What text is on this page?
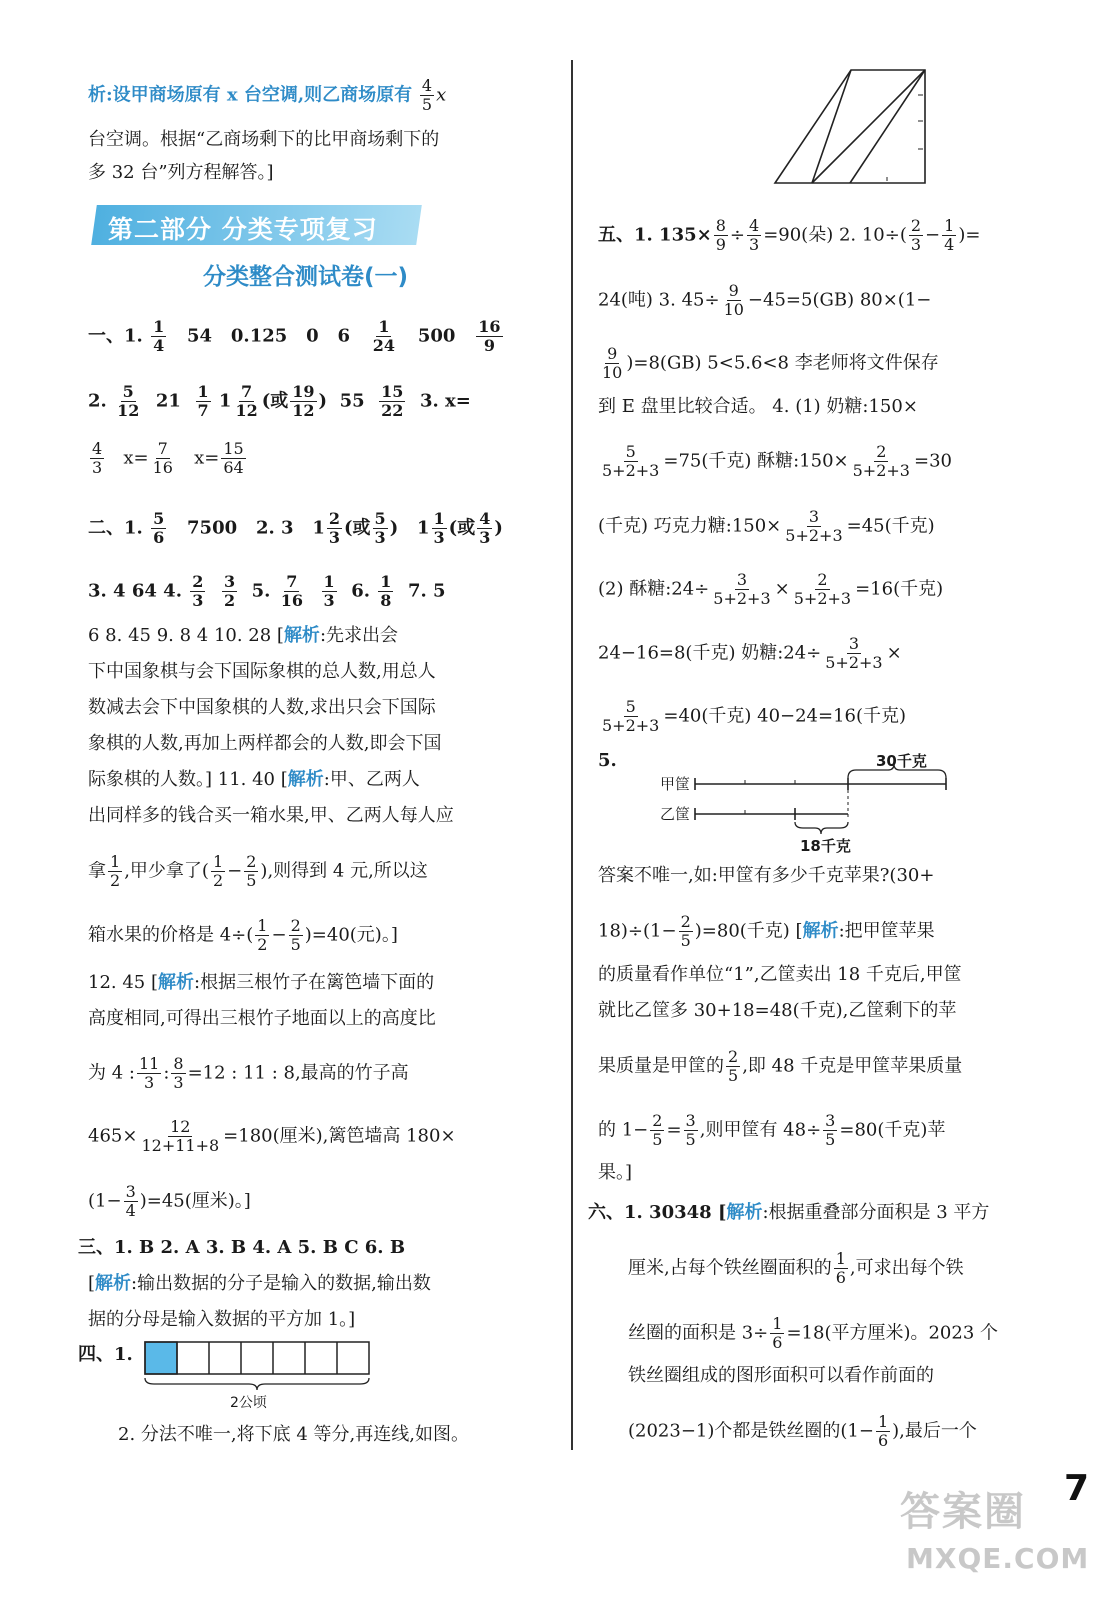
析:设甲商场原有 x 台空调,则乙商场原有 $\frac{4}{5}$ x
台空调。根据“乙商场剩下的比甲商场剩下的
多 32 台”列方程解答。]
第二部分 分类专项复习
分类整合测试卷(一)
一、1. $\frac{1}{4} 54$ 0.125 0 $6 \frac{1}{24} 500 \frac{16}{9}$
2. $\frac{5}{12} 21 \frac{1}{7} 1 \frac{7}{12}$ (或 $\frac{19}{12}$ )  $55 \frac{15}{22} 3$. x=
$\frac{4}{3} x= \frac{7}{16} x= \frac{15}{64}$
二、1. $\frac{5}{6} 7500$ 2. 3   $1 \frac{2}{3}$ (或 $\frac{5}{3}$ )   $1 \frac{1}{3}$ (或 $\frac{4}{3}$ )
3. 4 64 4. $\frac{2}{3}$
$\frac{3}{2} 5$. $\frac{7}{16}$
$\frac{1}{3} 6$. $\frac{1}{8} 7$. 5
6 8. 45 9. 8 4 10. 28 [解析:先求出会
下中国象棋与会下国际象棋的总人数,用总人
数减去会下中国象棋的人数,求出只会下国际
象棋的人数,再加上两样都会的人数,即会下国
际象棋的人数。] 11. 40 [解析:甲、乙两人
出同样多的钱合买一箱水果,甲、乙两人每人应
拿 $\frac{1}{2}$ ,甲少拿了( $\frac{1}{2} - \frac{2}{5}$ ),则得到 4 元,所以这
箱水果的价格是 $4\div( \frac{1}{2} - \frac{2}{5} )=40$(元)。]
12. 45 [解析:根据三根竹子在篱笆墙下面的
高度相同,可得出三根竹子地面以上的高度比
为 4 : $\frac{11}{3}$ : $\frac{8}{3} =12$ : 11 : 8,最高的竹子高
$465\times \frac{12}{12+11+8} =180$(厘米),篱笆墙高 180×
$(1- \frac{3}{4} )=45$(厘米)。]
三、1. B 2. A 3. B 4. A 5. B C 6. B
[解析:输出数据的分子是输入的数据,输出数
据的分母是输入数据的平方加 1。]
四、1.
2公顷
2. 分法不唯一,将下底 4 等分,再连线,如图。
五、1. $135\times \frac{8}{9} \div \frac{4}{3} =90$(朵) 2. $10\div( \frac{2}{3} - \frac{1}{4}$ )=
24(吨) 3. $45\div \frac{9}{10} -45=5(GB)$ 80×(1−
$\frac{9}{10} )=8(GB)$ 5<5.6<8 李老师将文件保存
到 E 盘里比较合适。 4. (1) 奶糖:150×
$\frac{5}{5+2+3} =75$(千克) 酥糖:150× $\frac{2}{5+2+3} =30$
(千克) 巧克力糖:150× $\frac{3}{5+2+3} =45$(千克)
(2) 酥糖:24÷ $\frac{3}{5+2+3} \times \frac{2}{5+2+3} =16$(千克)
24−16=8(千克) 奶糖:24÷ $\frac{3}{5+2+3}$ ×
$\frac{5}{5+2+3} =40$(千克) 40−24=16(千克)
5.
甲筐
乙筐
30千克
18千克
答案不唯一,如:甲筐有多少千克苹果?(30+
$18)\div(1- \frac{2}{5} )=80$(千克) [解析:把甲筐苹果
的质量看作单位“1”,乙筐卖出 18 千克后,甲筐
就比乙筐多 30+18=48(千克),乙筐剩下的苹
果质量是甲筐的 $\frac{2}{5}$ ,即 48 千克是甲筐苹果质量
的 $1- \frac{2}{5} = \frac{3}{5}$ ,则甲筐有 $48\div \frac{3}{5} =80$(千克)苹
果。]
六、1. 30348 [解析:根据重叠部分面积是 3 平方
厘米,占每个铁丝圈面积的 $\frac{1}{6}$ ,可求出每个铁
丝圈的面积是 $3\div \frac{1}{6} =18$(平方厘米)。2023 个
铁丝圈组成的图形面积可以看作前面的
(2023−1)个都是铁丝圈的($1- \frac{1}{6}$ ),最后一个
答案圈
MXQE.COM
7
